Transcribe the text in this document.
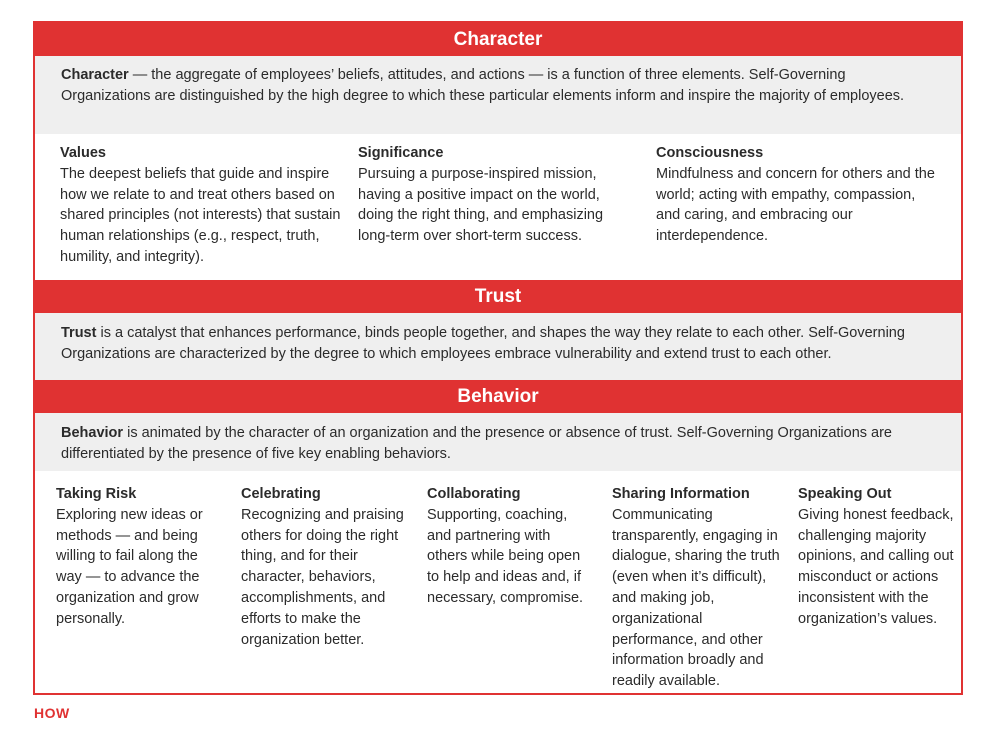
Character
Character — the aggregate of employees’ beliefs, attitudes, and actions — is a function of three elements. Self-Governing Organizations are distinguished by the high degree to which these particular elements inform and inspire the majority of employees.
Values
The deepest beliefs that guide and inspire how we relate to and treat others based on shared principles (not interests) that sustain human relationships (e.g., respect, truth, humility, and integrity).
Significance
Pursuing a purpose-inspired mission, having a positive impact on the world, doing the right thing, and emphasizing long-term over short-term success.
Consciousness
Mindfulness and concern for others and the world; acting with empathy, compassion, and caring, and embracing our interdependence.
Trust
Trust is a catalyst that enhances performance, binds people together, and shapes the way they relate to each other. Self-Governing Organizations are characterized by the degree to which employees embrace vulnerability and extend trust to each other.
Behavior
Behavior is animated by the character of an organization and the presence or absence of trust. Self-Governing Organizations are differentiated by the presence of five key enabling behaviors.
Taking Risk
Exploring new ideas or methods — and being willing to fail along the way — to advance the organization and grow personally.
Celebrating
Recognizing and praising others for doing the right thing, and for their character, behaviors, accomplishments, and efforts to make the organization better.
Collaborating
Supporting, coaching, and partnering with others while being open to help and ideas and, if necessary, compromise.
Sharing Information
Communicating transparently, engaging in dialogue, sharing the truth (even when it’s difficult), and making job, organizational performance, and other information broadly and readily available.
Speaking Out
Giving honest feedback, challenging majority opinions, and calling out misconduct or actions inconsistent with the organization’s values.
HOW
